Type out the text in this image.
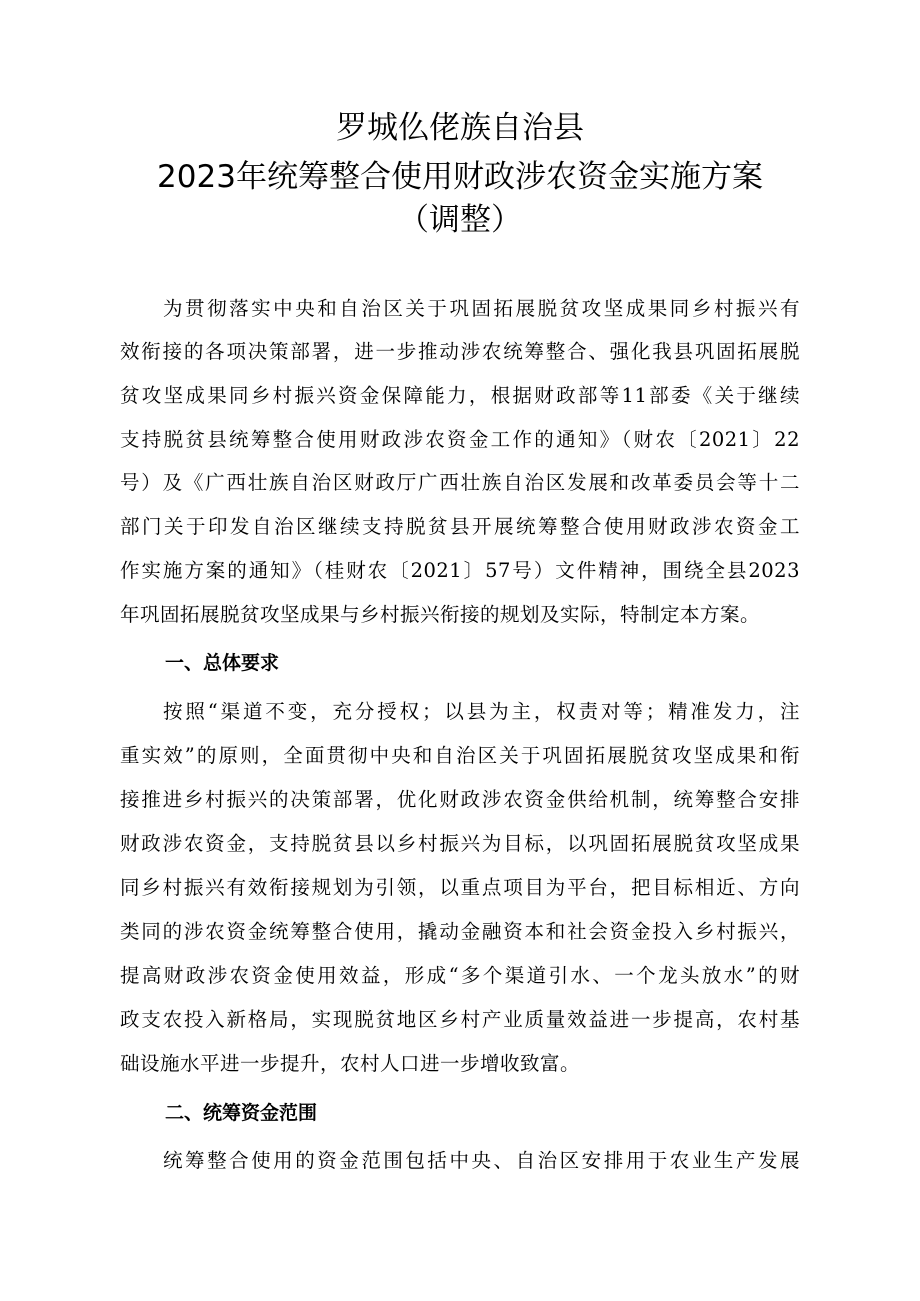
罗城仫佬族自治县
2023年统筹整合使用财政涉农资金实施方案
（调整）
为贯彻落实中央和自治区关于巩固拓展脱贫攻坚成果同乡村振兴有
效衔接的各项决策部署，进一步推动涉农统筹整合、强化我县巩固拓展脱
贫攻坚成果同乡村振兴资金保障能力，根据财政部等11部委《关于继续
支持脱贫县统筹整合使用财政涉农资金工作的通知》（财农〔2021〕22
号）及《广西壮族自治区财政厅广西壮族自治区发展和改革委员会等十二
部门关于印发自治区继续支持脱贫县开展统筹整合使用财政涉农资金工
作实施方案的通知》（桂财农〔2021〕57号）文件精神，围绕全县2023
年巩固拓展脱贫攻坚成果与乡村振兴衔接的规划及实际，特制定本方案。
一、总体要求
按照“渠道不变，充分授权；以县为主，权责对等；精准发力，注
重实效”的原则，全面贯彻中央和自治区关于巩固拓展脱贫攻坚成果和衔
接推进乡村振兴的决策部署，优化财政涉农资金供给机制，统筹整合安排
财政涉农资金，支持脱贫县以乡村振兴为目标，以巩固拓展脱贫攻坚成果
同乡村振兴有效衔接规划为引领，以重点项目为平台，把目标相近、方向
类同的涉农资金统筹整合使用，撬动金融资本和社会资金投入乡村振兴，
提高财政涉农资金使用效益，形成“多个渠道引水、一个龙头放水”的财
政支农投入新格局，实现脱贫地区乡村产业质量效益进一步提高，农村基
础设施水平进一步提升，农村人口进一步增收致富。
二、统筹资金范围
统筹整合使用的资金范围包括中央、自治区安排用于农业生产发展
